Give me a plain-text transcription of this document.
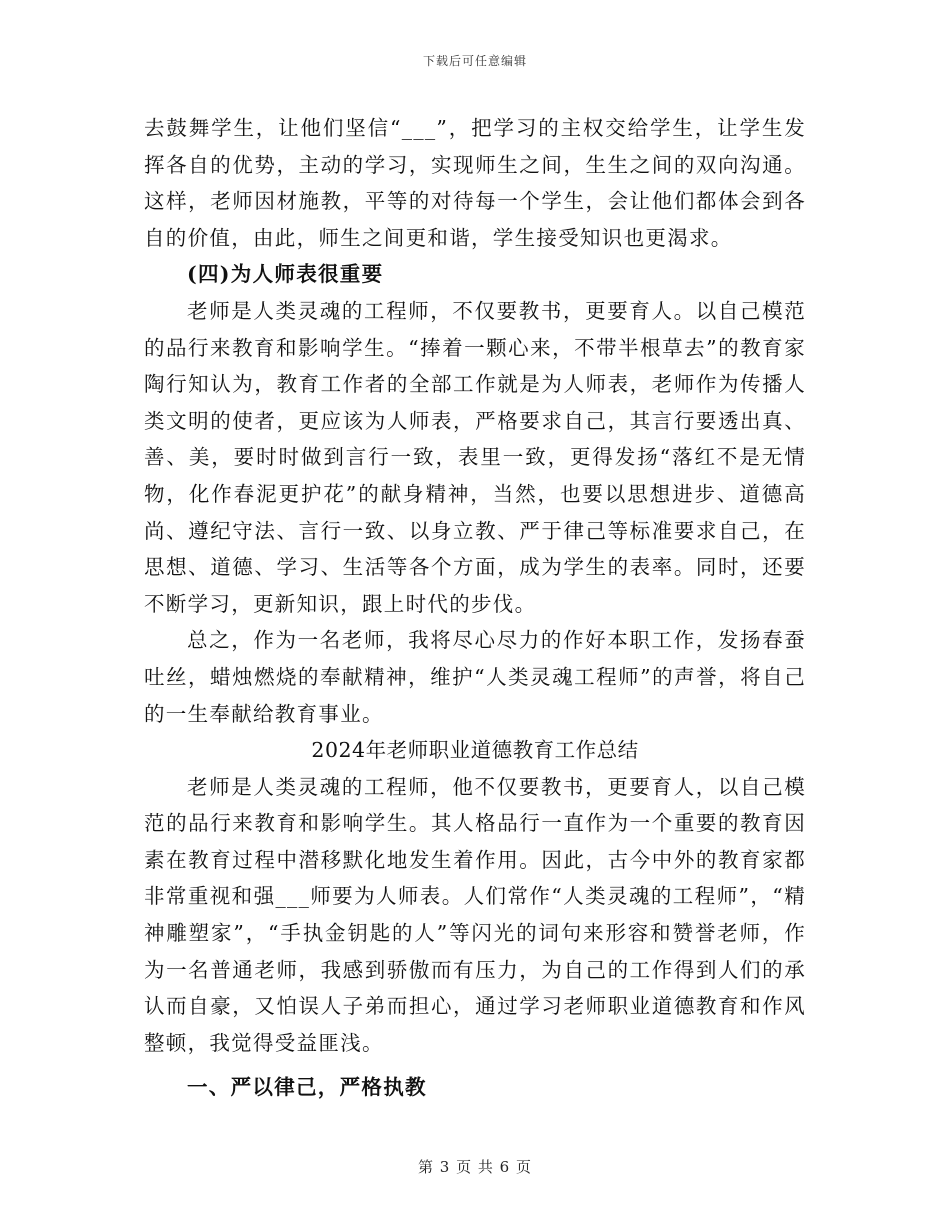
下载后可任意编辑

去鼓舞学生，让他们坚信“___”，把学习的主权交给学生，让学生发挥各自的优势，主动的学习，实现师生之间，生生之间的双向沟通。这样，老师因材施教，平等的对待每一个学生，会让他们都体会到各自的价值，由此，师生之间更和谐，学生接受知识也更渴求。

(四)为人师表很重要

老师是人类灵魂的工程师，不仅要教书，更要育人。以自己模范的品行来教育和影响学生。“捧着一颗心来，不带半根草去”的教育家陶行知认为，教育工作者的全部工作就是为人师表，老师作为传播人类文明的使者，更应该为人师表，严格要求自己，其言行要透出真、善、美，要时时做到言行一致，表里一致，更得发扬“落红不是无情物，化作春泥更护花”的献身精神，当然，也要以思想进步、道德高尚、遵纪守法、言行一致、以身立教、严于律己等标准要求自己，在思想、道德、学习、生活等各个方面，成为学生的表率。同时，还要不断学习，更新知识，跟上时代的步伐。

总之，作为一名老师，我将尽心尽力的作好本职工作，发扬春蚕吐丝，蜡烛燃烧的奉献精神，维护“人类灵魂工程师”的声誉，将自己的一生奉献给教育事业。

2024年老师职业道德教育工作总结

老师是人类灵魂的工程师，他不仅要教书，更要育人，以自己模范的品行来教育和影响学生。其人格品行一直作为一个重要的教育因素在教育过程中潜移默化地发生着作用。因此，古今中外的教育家都非常重视和强___师要为人师表。人们常作“人类灵魂的工程师”，“精神雕塑家”，“手执金钥匙的人”等闪光的词句来形容和赞誉老师，作为一名普通老师，我感到骄傲而有压力，为自己的工作得到人们的承认而自豪，又怕误人子弟而担心，通过学习老师职业道德教育和作风整顿，我觉得受益匪浅。

一、严以律己，严格执教

第 3 页 共 6 页
